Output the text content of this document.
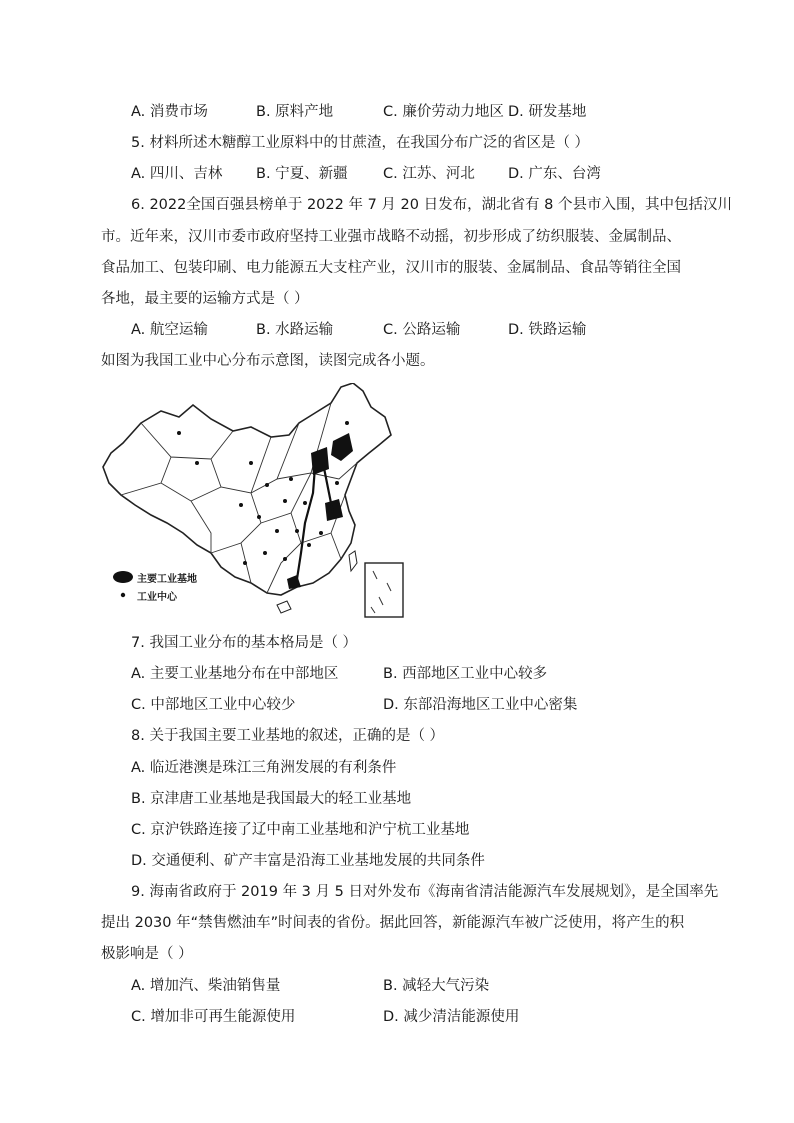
A. 消费市场	B. 原料产地	C. 廉价劳动力地区 D. 研发基地
5. 材料所述木糖醇工业原料中的甘蔗渣，在我国分布广泛的省区是（ ）
A. 四川、吉林 B. 宁夏、新疆 C. 江苏、河北 D. 广东、台湾
6. 2022全国百强县榜单于 2022 年 7 月 20 日发布，湖北省有 8 个县市入围，其中包括汉川
市。近年来，汉川市委市政府坚持工业强市战略不动摇，初步形成了纺织服装、金属制品、
食品加工、包装印刷、电力能源五大支柱产业，汉川市的服装、金属制品、食品等销往全国
各地，最主要的运输方式是（ ）
A. 航空运输	B. 水路运输	C. 公路运输	D. 铁路运输
如图为我国工业中心分布示意图，读图完成各小题。
主要工业基地
工业中心
7. 我国工业分布的基本格局是（ ）
A. 主要工业基地分布在中部地区	B. 西部地区工业中心较多
C. 中部地区工业中心较少	D. 东部沿海地区工业中心密集
8. 关于我国主要工业基地的叙述，正确的是（ ）
A. 临近港澳是珠江三角洲发展的有利条件
B. 京津唐工业基地是我国最大的轻工业基地
C. 京沪铁路连接了辽中南工业基地和沪宁杭工业基地
D. 交通便利、矿产丰富是沿海工业基地发展的共同条件
9. 海南省政府于 2019 年 3 月 5 日对外发布《海南省清洁能源汽车发展规划》，是全国率先
提出 2030 年“禁售燃油车”时间表的省份。据此回答，新能源汽车被广泛使用，将产生的积
极影响是（ ）
A. 增加汽、柴油销售量	B. 减轻大气污染
C. 增加非可再生能源使用	D. 减少清洁能源使用
